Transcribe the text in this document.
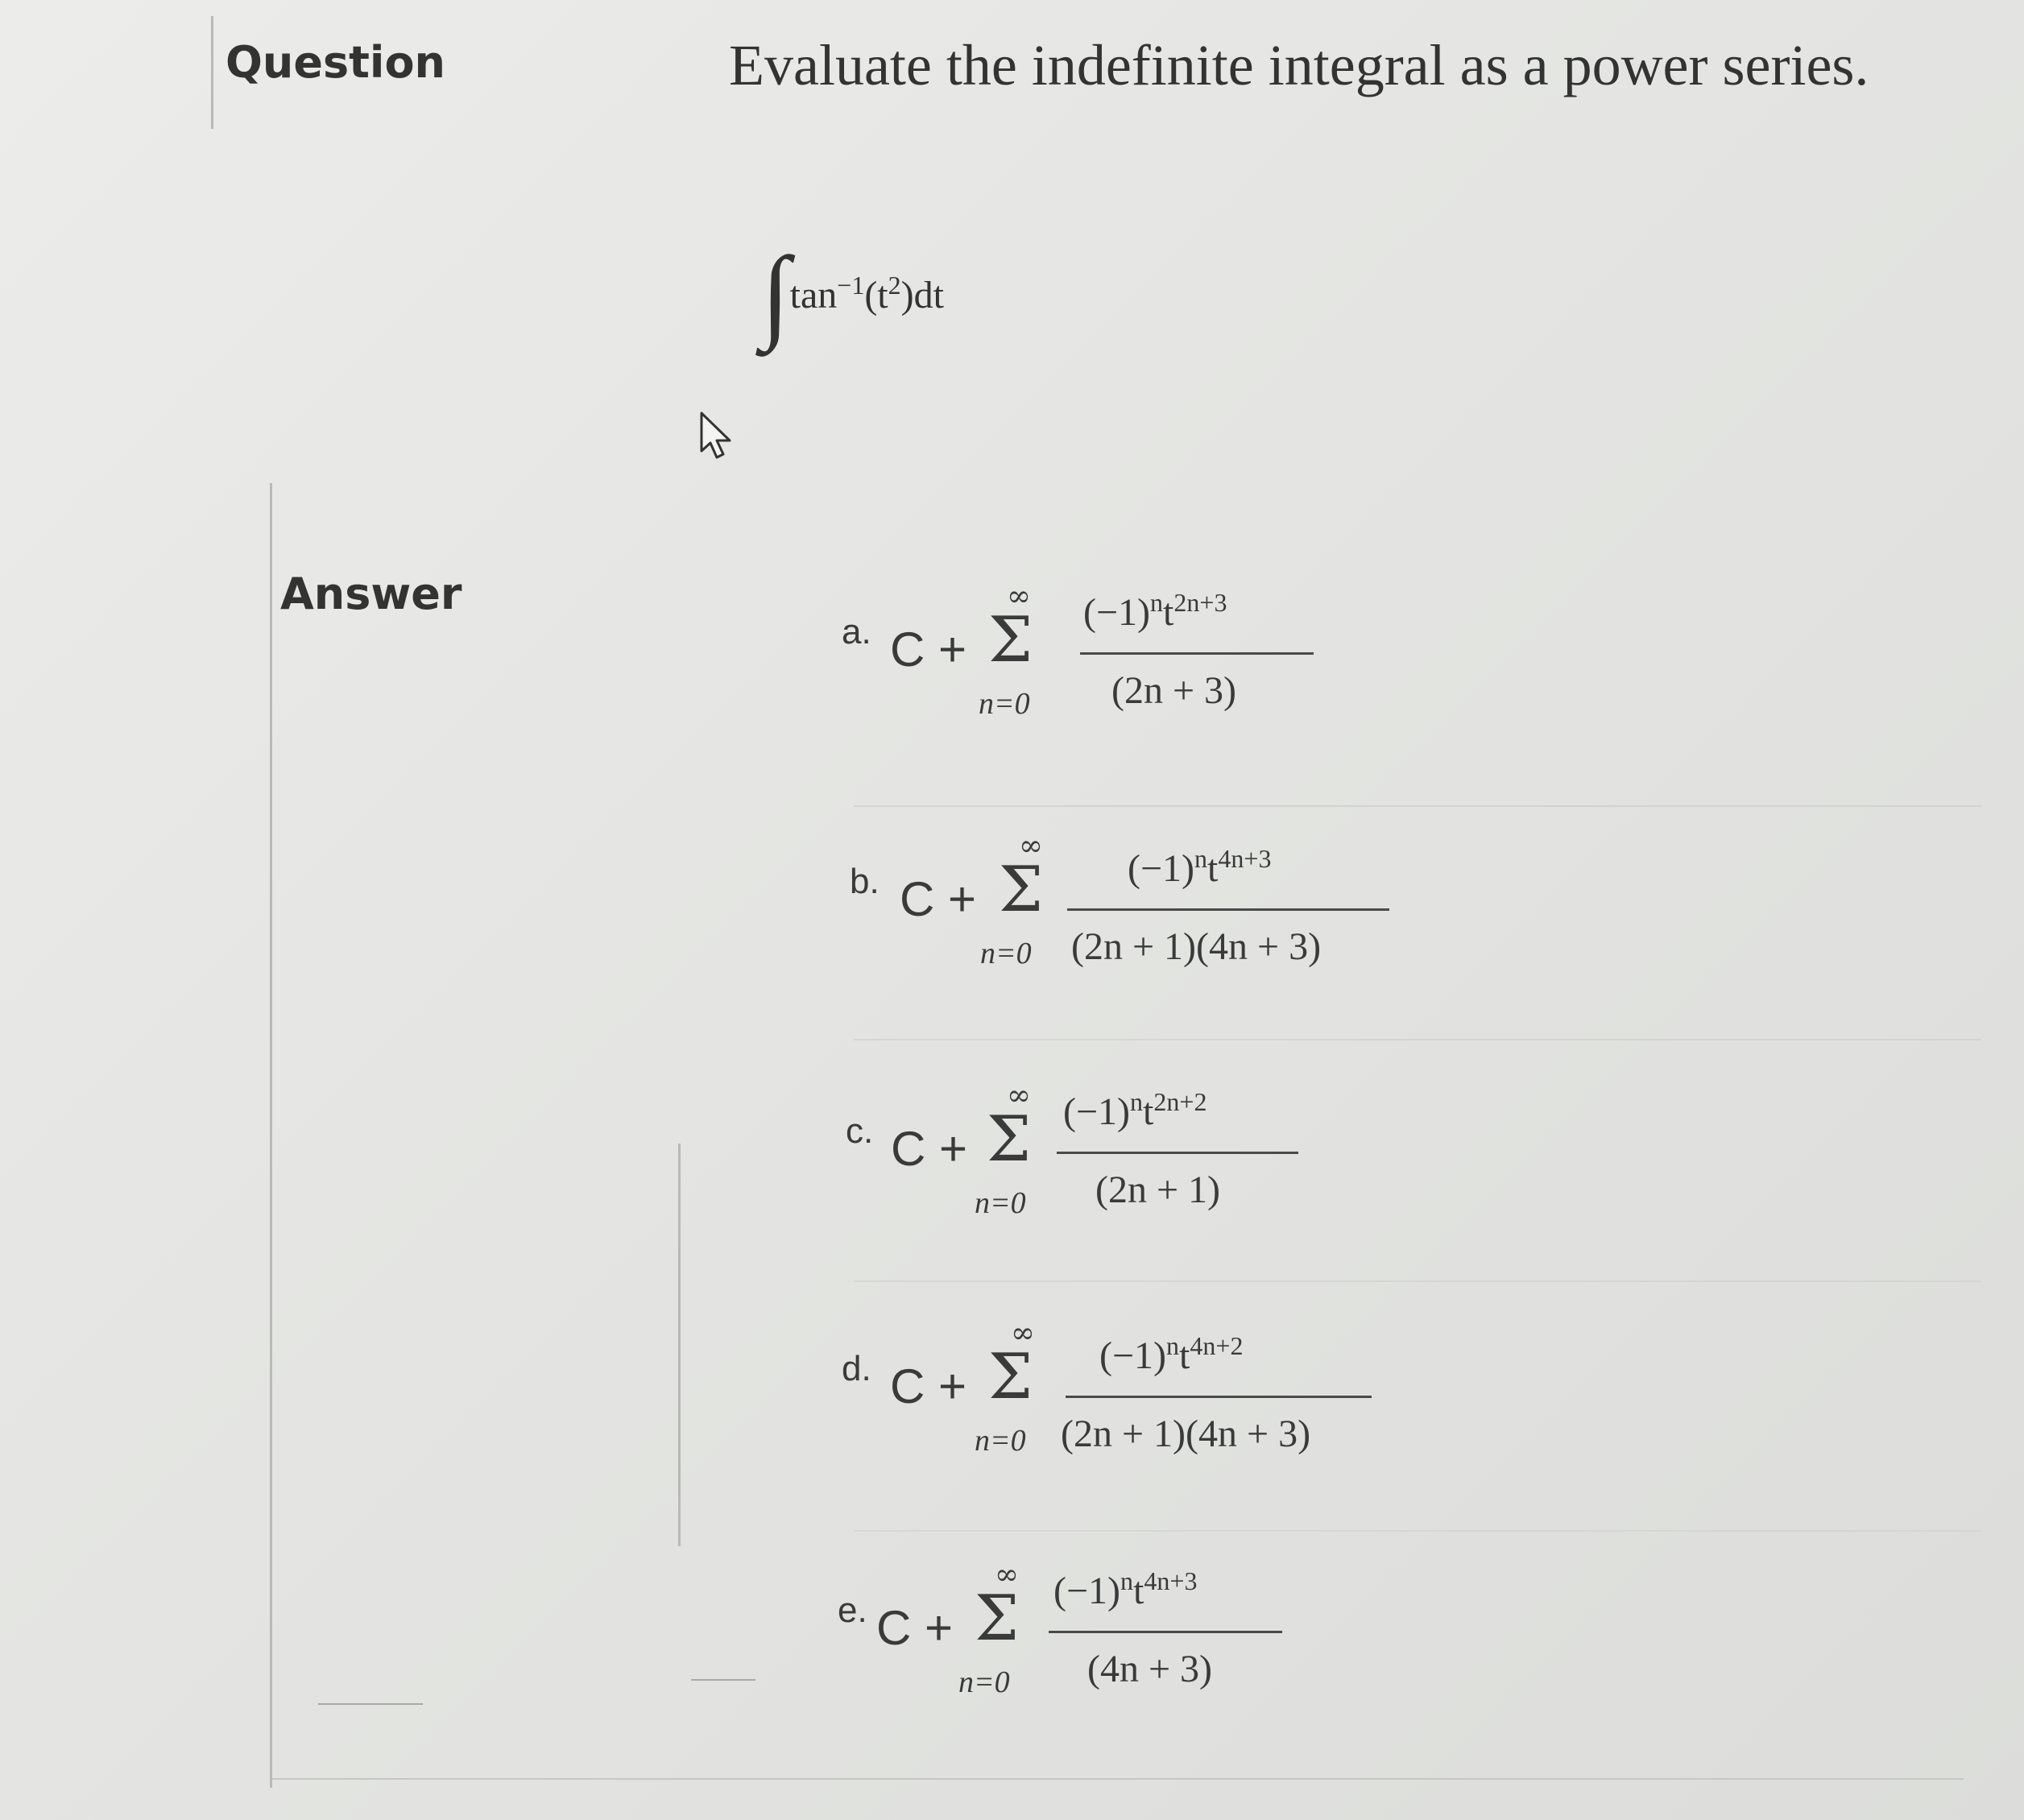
Question	Evaluate the indefinite integral as a power series.
$\int\tan^{-1}(t^2)dt$
Answer
a. C +
∞
Σ
n=0
$(-1)^nt^{2n+3}$
(2n + 3)
b. C +
∞
Σ
n=0
$(-1)^nt^{4n+3}$
(2n + 1)(4n + 3)
c. C +
∞
Σ
n=0
$(-1)^nt^{2n+2}$
(2n + 1)
d. C +
∞
Σ
n=0
$(-1)^nt^{4n+2}$
(2n + 1)(4n + 3)
e. C +
∞
Σ
n=0
$(-1)^nt^{4n+3}$
(4n + 3)
